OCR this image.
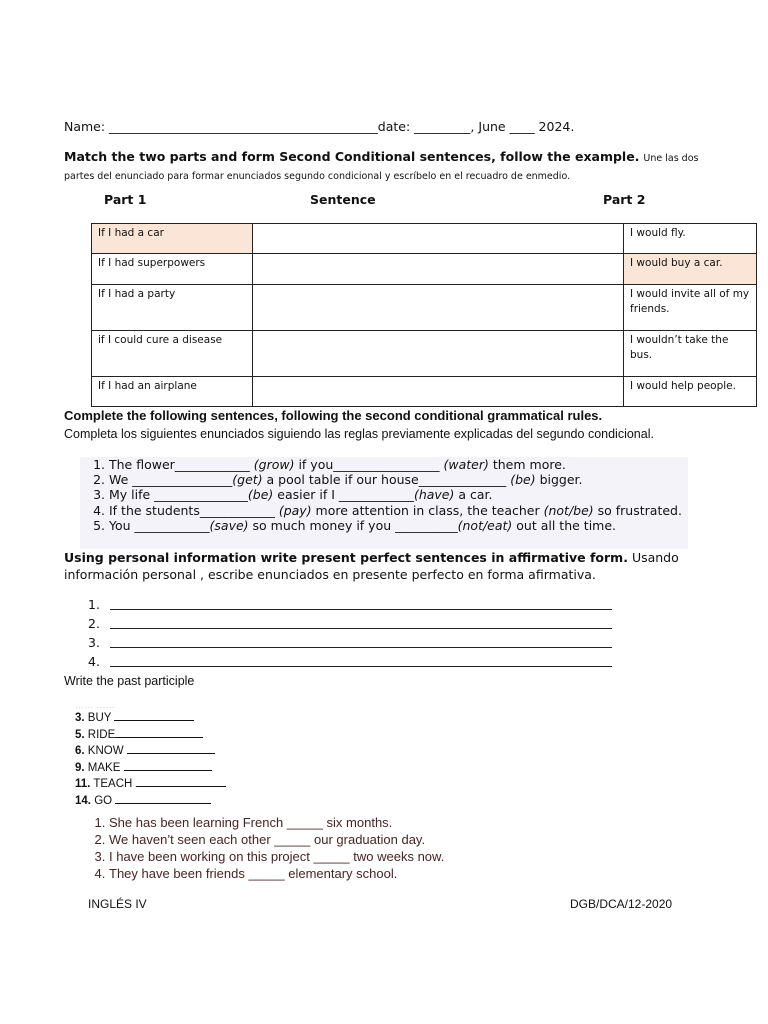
Name: ___________________________________________date: _________, June ____ 2024.
Match the two parts and form Second Conditional sentences, follow the example. Une las dos partes del enunciado para formar enunciados segundo condicional y escríbelo en el recuadro de enmedio.
Part 1	Sentence	Part 2
If I had a car		I would fly.
If I had superpowers		I would buy a car.
If I had a party		I would invite all of my friends.
if I could cure a disease		I wouldn’t take the bus.
If I had an airplane		I would help people.
Complete the following sentences, following the second conditional grammatical rules.
Completa los siguientes enunciados siguiendo las reglas previamente explicadas del segundo condicional.
1. The flower____________ (grow) if you_________________ (water) them more.
2. We ________________(get) a pool table if our house______________ (be) bigger.
3. My life _______________(be) easier if I ____________(have) a car.
4. If the students____________ (pay) more attention in class, the teacher (not/be) so frustrated.
5. You ____________(save) so much money if you __________(not/eat) out all the time.
Using personal information write present perfect sentences in affirmative form. Usando información personal , escribe enunciados en presente perfecto en forma afirmativa.
1.
2.
3.
4.
Write the past participle
...... ......
3. BUY
5. RIDE
6. KNOW
9. MAKE
11. TEACH
14. GO
1. She has been learning French _____ six months.
2. We haven’t seen each other _____ our graduation day.
3. I have been working on this project _____ two weeks now.
4. They have been friends _____ elementary school.
INGLÉS IV	DGB/DCA/12-2020
